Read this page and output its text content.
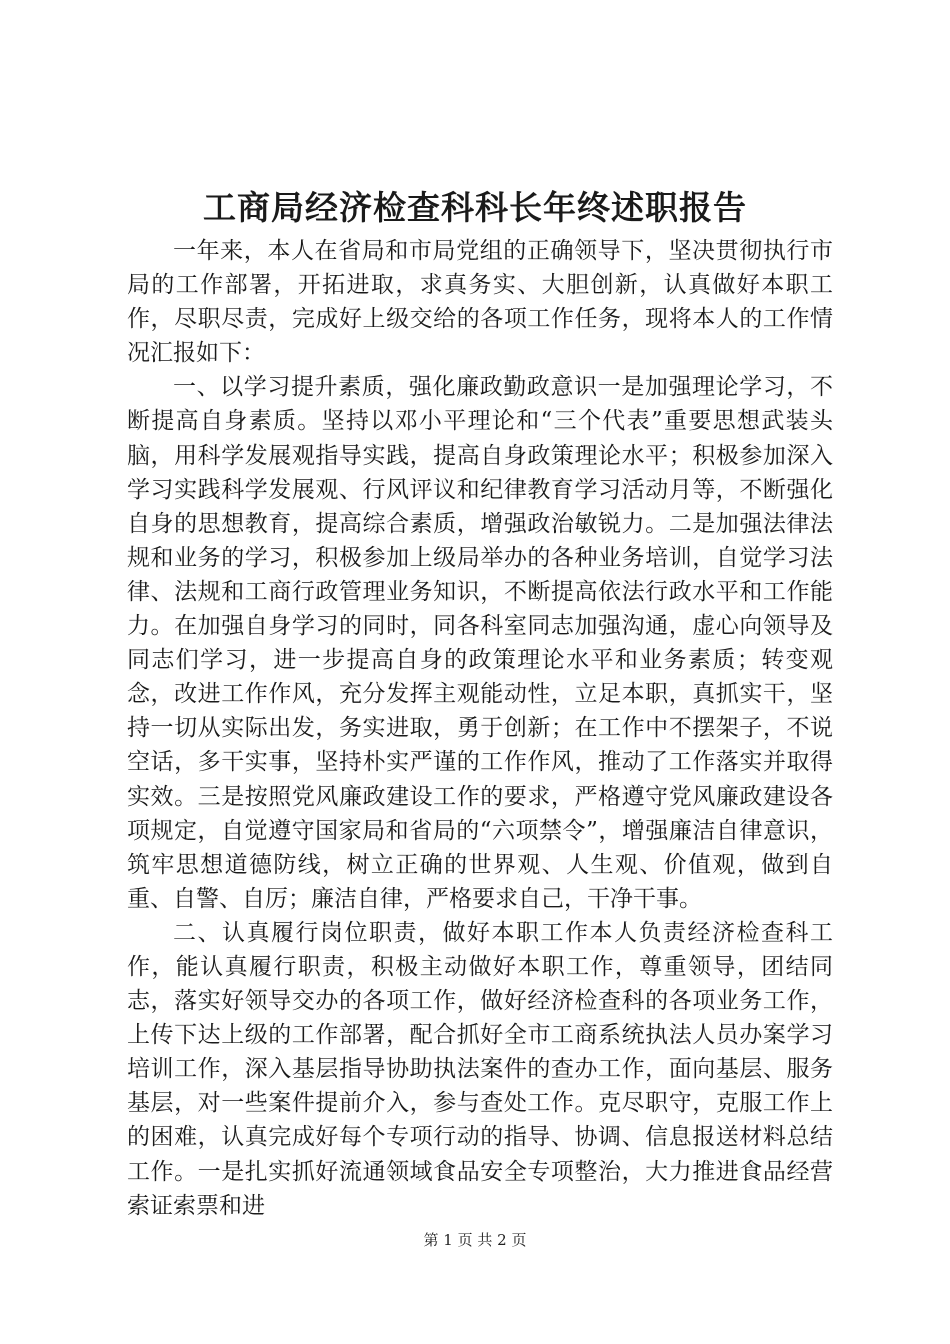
工商局经济检查科科长年终述职报告

一年来，本人在省局和市局党组的正确领导下，坚决贯彻执行市局的工作部署，开拓进取，求真务实、大胆创新，认真做好本职工作，尽职尽责，完成好上级交给的各项工作任务，现将本人的工作情况汇报如下：

一、以学习提升素质，强化廉政勤政意识一是加强理论学习，不断提高自身素质。坚持以邓小平理论和“三个代表”重要思想武装头脑，用科学发展观指导实践，提高自身政策理论水平；积极参加深入学习实践科学发展观、行风评议和纪律教育学习活动月等，不断强化自身的思想教育，提高综合素质，增强政治敏锐力。二是加强法律法规和业务的学习，积极参加上级局举办的各种业务培训，自觉学习法律、法规和工商行政管理业务知识，不断提高依法行政水平和工作能力。在加强自身学习的同时，同各科室同志加强沟通，虚心向领导及同志们学习，进一步提高自身的政策理论水平和业务素质；转变观念，改进工作作风，充分发挥主观能动性，立足本职，真抓实干，坚持一切从实际出发，务实进取，勇于创新；在工作中不摆架子，不说空话，多干实事，坚持朴实严谨的工作作风，推动了工作落实并取得实效。三是按照党风廉政建设工作的要求，严格遵守党风廉政建设各项规定，自觉遵守国家局和省局的“六项禁令”，增强廉洁自律意识，筑牢思想道德防线，树立正确的世界观、人生观、价值观，做到自重、自警、自厉；廉洁自律，严格要求自己，干净干事。

二、认真履行岗位职责，做好本职工作本人负责经济检查科工作，能认真履行职责，积极主动做好本职工作，尊重领导，团结同志，落实好领导交办的各项工作，做好经济检查科的各项业务工作，上传下达上级的工作部署，配合抓好全市工商系统执法人员办案学习培训工作，深入基层指导协助执法案件的查办工作，面向基层、服务基层，对一些案件提前介入，参与查处工作。克尽职守，克服工作上的困难，认真完成好每个专项行动的指导、协调、信息报送材料总结工作。一是扎实抓好流通领域食品安全专项整治，大力推进食品经营索证索票和进

第 1 页 共 2 页
